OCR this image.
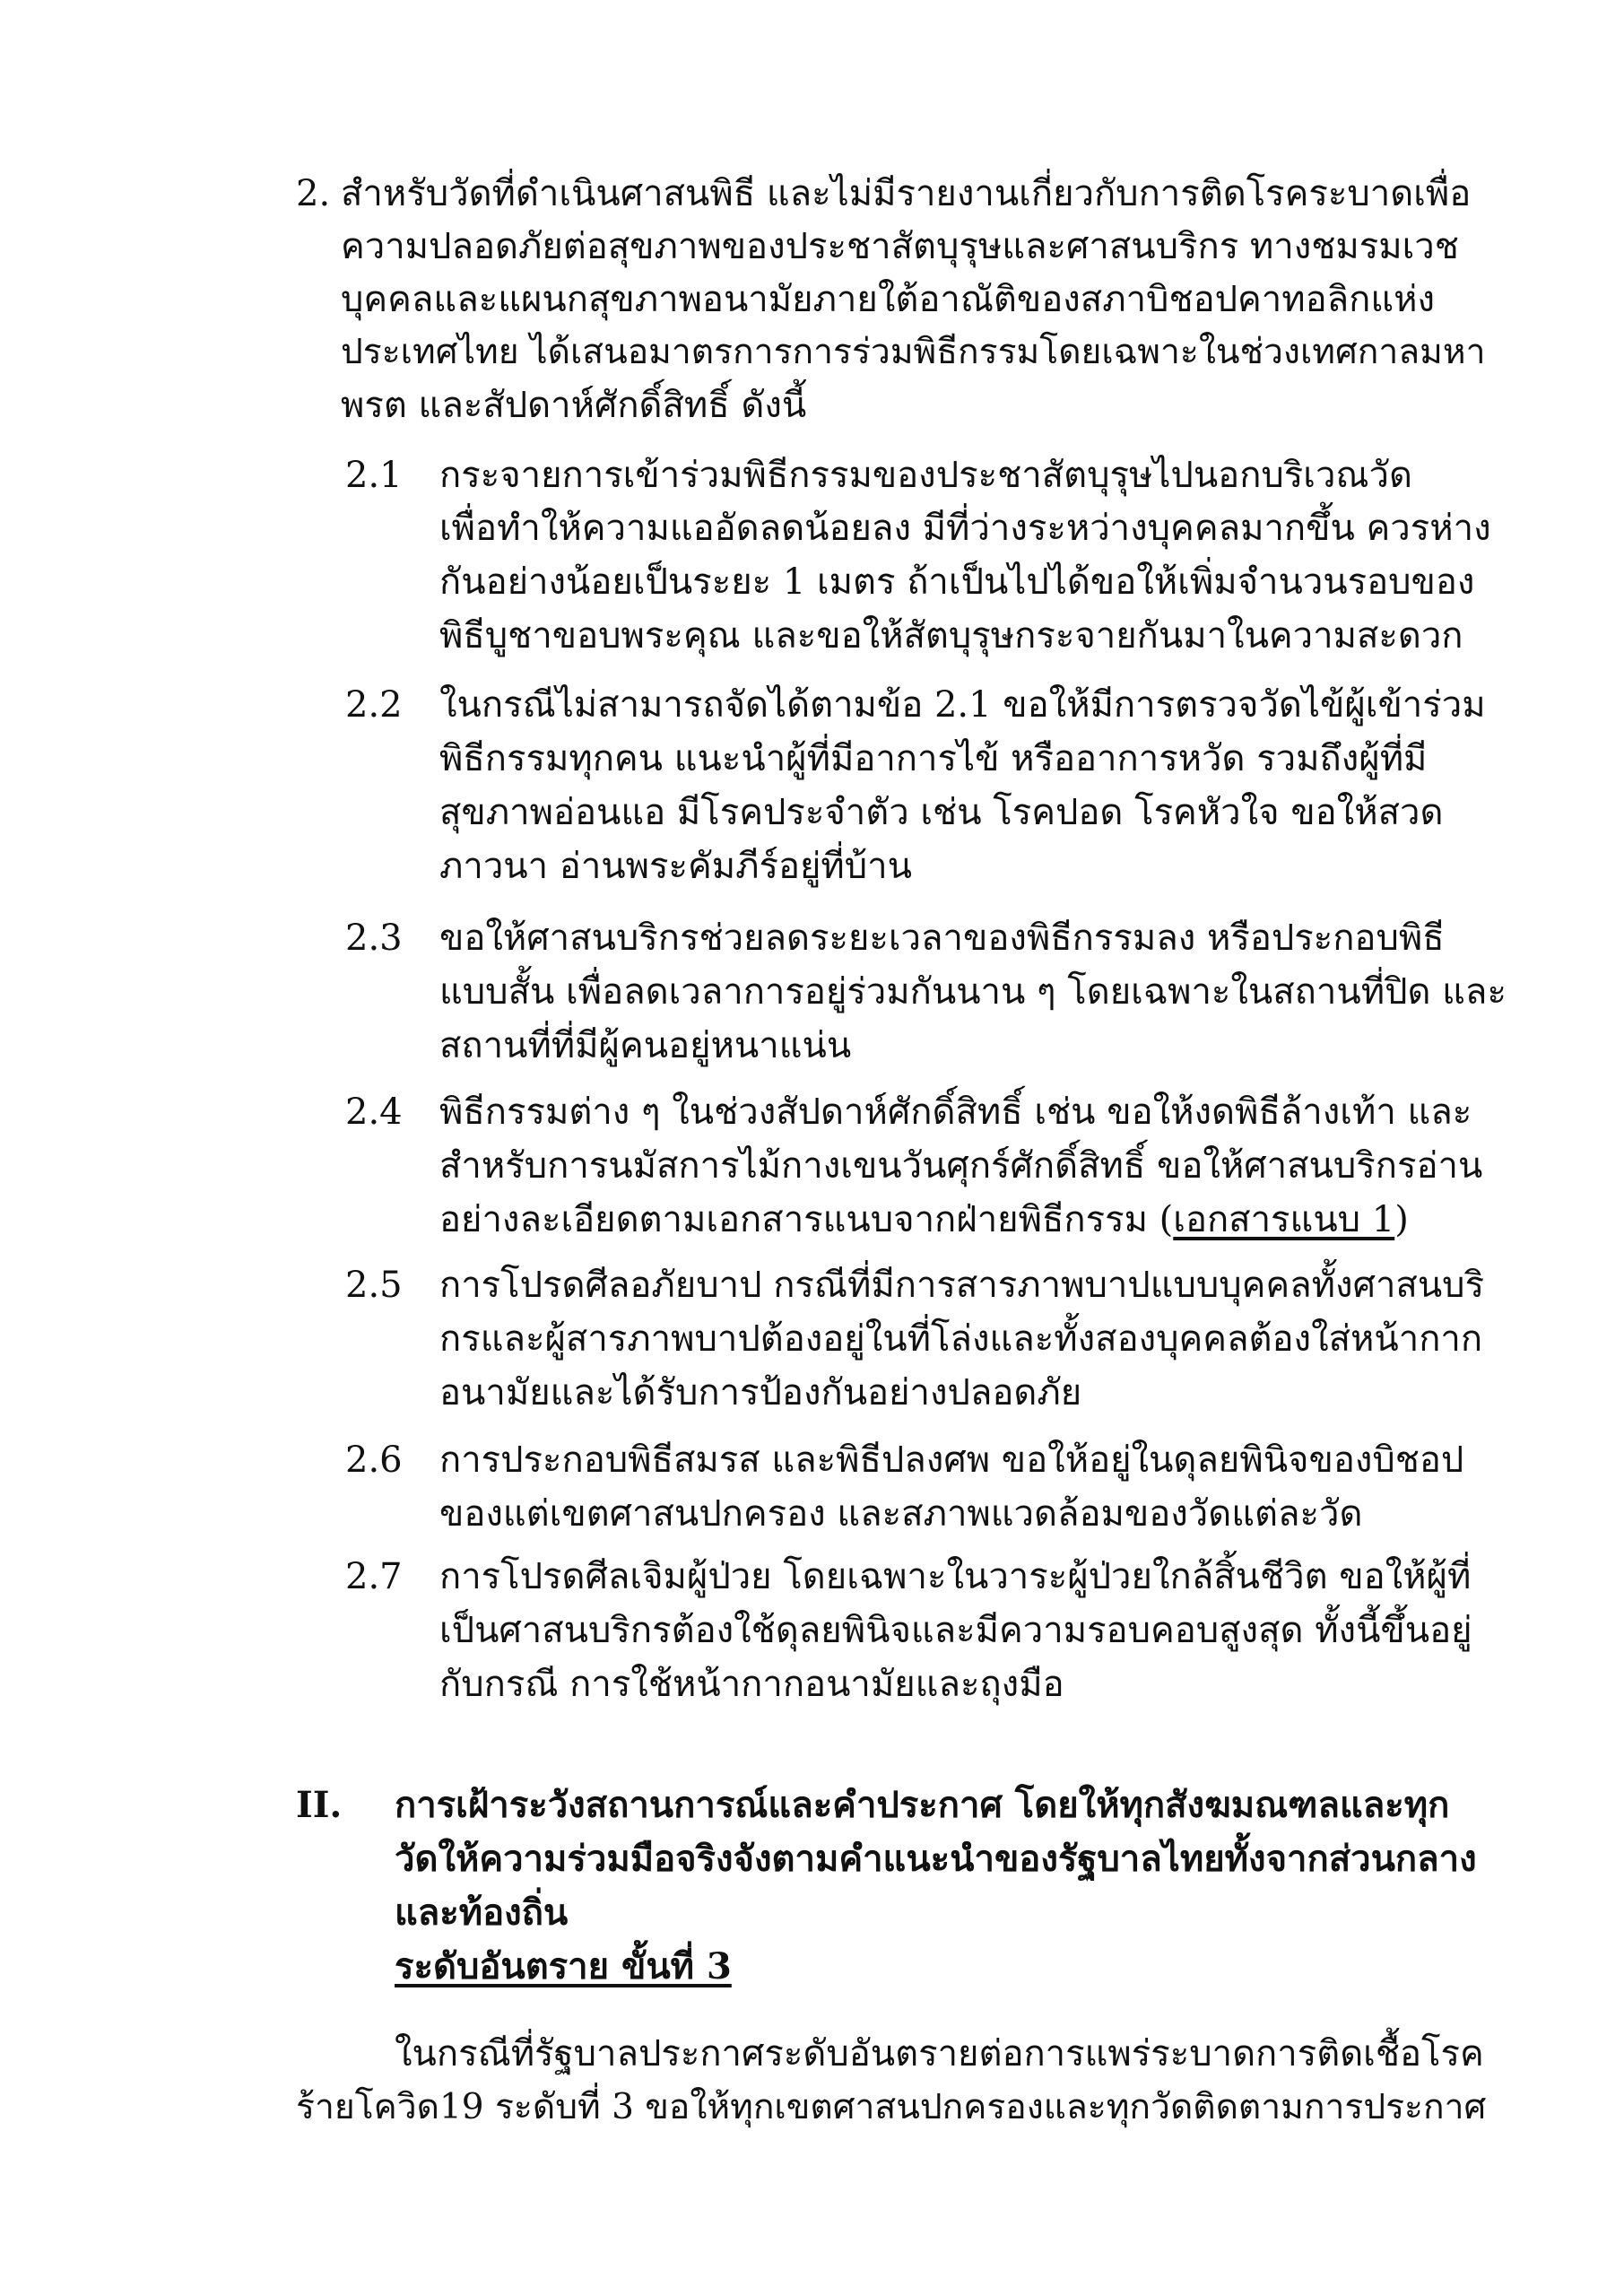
2. สำหรับวัดที่ดำเนินศาสนพิธี และไม่มีรายงานเกี่ยวกับการติดโรคระบาดเพื่อ
ความปลอดภัยต่อสุขภาพของประชาสัตบุรุษและศาสนบริกร ทางชมรมเวช
บุคคลและแผนกสุขภาพอนามัยภายใต้อาณัติของสภาบิชอปคาทอลิกแห่ง
ประเทศไทย ได้เสนอมาตรการการร่วมพิธีกรรมโดยเฉพาะในช่วงเทศกาลมหา
พรต และสัปดาห์ศักดิ์สิทธิ์ ดังนี้
2.1 กระจายการเข้าร่วมพิธีกรรมของประชาสัตบุรุษไปนอกบริเวณวัด
เพื่อทำให้ความแออัดลดน้อยลง มีที่ว่างระหว่างบุคคลมากขึ้น ควรห่าง
กันอย่างน้อยเป็นระยะ 1 เมตร ถ้าเป็นไปได้ขอให้เพิ่มจำนวนรอบของ
พิธีบูชาขอบพระคุณ และขอให้สัตบุรุษกระจายกันมาในความสะดวก
2.2 ในกรณีไม่สามารถจัดได้ตามข้อ 2.1 ขอให้มีการตรวจวัดไข้ผู้เข้าร่วม
พิธีกรรมทุกคน แนะนำผู้ที่มีอาการไข้ หรืออาการหวัด รวมถึงผู้ที่มี
สุขภาพอ่อนแอ มีโรคประจำตัว เช่น โรคปอด โรคหัวใจ ขอให้สวด
ภาวนา อ่านพระคัมภีร์อยู่ที่บ้าน
2.3 ขอให้ศาสนบริกรช่วยลดระยะเวลาของพิธีกรรมลง หรือประกอบพิธี
แบบสั้น เพื่อลดเวลาการอยู่ร่วมกันนาน ๆ โดยเฉพาะในสถานที่ปิด และ
สถานที่ที่มีผู้คนอยู่หนาแน่น
2.4 พิธีกรรมต่าง ๆ ในช่วงสัปดาห์ศักดิ์สิทธิ์ เช่น ขอให้งดพิธีล้างเท้า และ
สำหรับการนมัสการไม้กางเขนวันศุกร์ศักดิ์สิทธิ์ ขอให้ศาสนบริกรอ่าน
อย่างละเอียดตามเอกสารแนบจากฝ่ายพิธีกรรม (เอกสารแนบ 1)
2.5 การโปรดศีลอภัยบาป กรณีที่มีการสารภาพบาปแบบบุคคลทั้งศาสนบริ
กรและผู้สารภาพบาปต้องอยู่ในที่โล่งและทั้งสองบุคคลต้องใส่หน้ากาก
อนามัยและได้รับการป้องกันอย่างปลอดภัย
2.6 การประกอบพิธีสมรส และพิธีปลงศพ ขอให้อยู่ในดุลยพินิจของบิชอป
ของแต่เขตศาสนปกครอง และสภาพแวดล้อมของวัดแต่ละวัด
2.7 การโปรดศีลเจิมผู้ป่วย โดยเฉพาะในวาระผู้ป่วยใกล้สิ้นชีวิต ขอให้ผู้ที่
เป็นศาสนบริกรต้องใช้ดุลยพินิจและมีความรอบคอบสูงสุด ทั้งนี้ขึ้นอยู่
กับกรณี การใช้หน้ากากอนามัยและถุงมือ
II. การเฝ้าระวังสถานการณ์และคำประกาศ โดยให้ทุกสังฆมณฑลและทุก
วัดให้ความร่วมมือจริงจังตามคำแนะนำของรัฐบาลไทยทั้งจากส่วนกลาง
และท้องถิ่น
ระดับอันตราย ขั้นที่ 3
ในกรณีที่รัฐบาลประกาศระดับอันตรายต่อการแพร่ระบาดการติดเชื้อโรค
ร้ายโควิด19 ระดับที่ 3 ขอให้ทุกเขตศาสนปกครองและทุกวัดติดตามการประกาศ
